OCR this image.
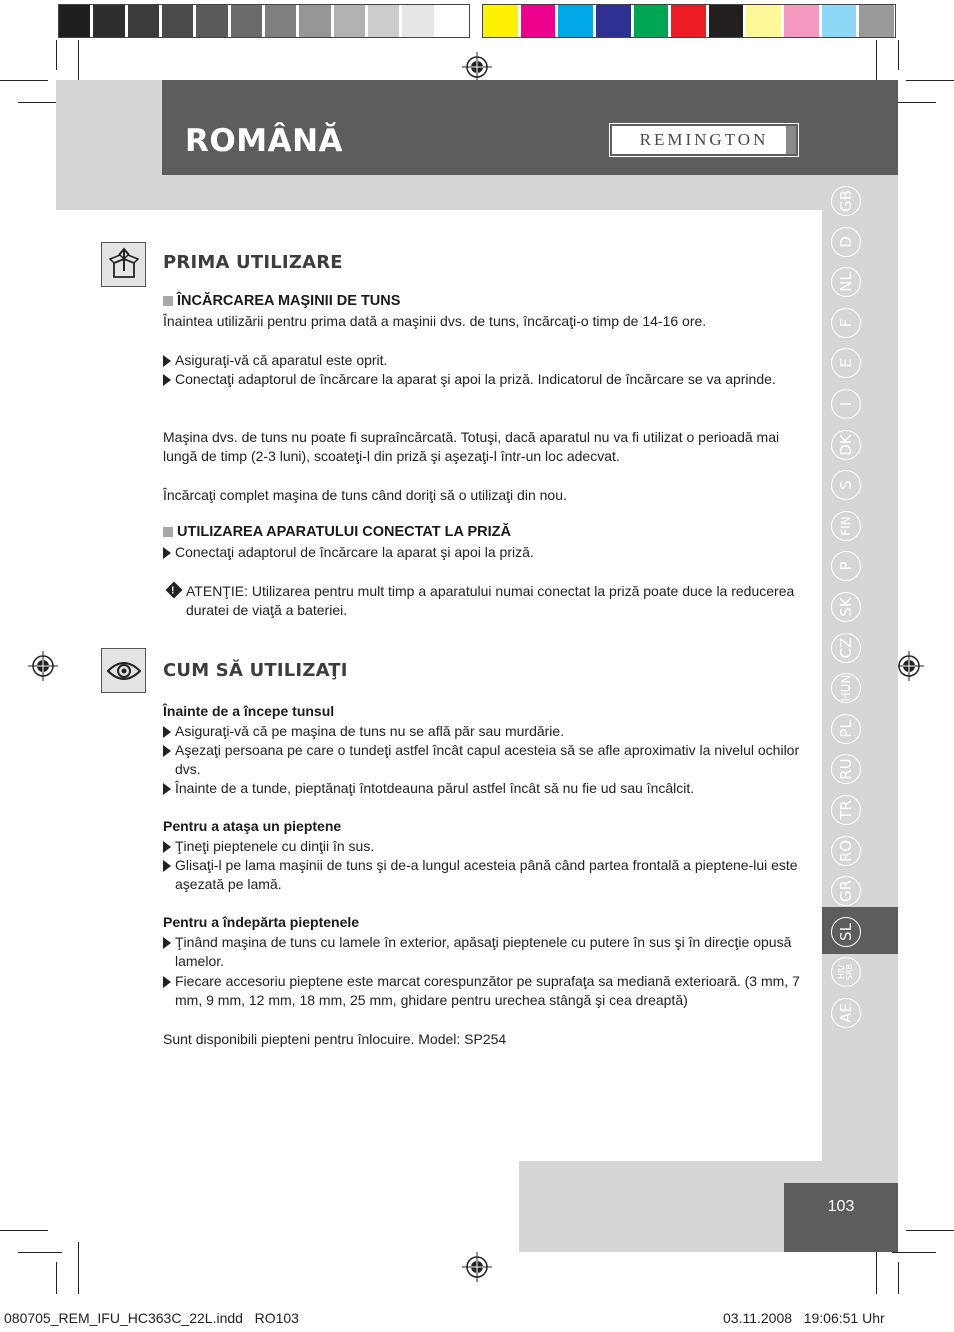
ROMÂNĂ	REMINGTON
GB
D
NL
F
E
I
DK
S
FIN
P
SK
CZ
HUN
PL
RU
TR
RO
GR
SL
HR/
SRB
AE
103
080705_REM_IFU_HC363C_22L.indd   RO103	03.11.2008   19:06:51 Uhr
PRIMA UTILIZARE
ÎNCĂRCAREA MAŞINII DE TUNS
Înaintea utilizării pentru prima dată a maşinii dvs. de tuns, încărcaţi-o timp de 14-16 ore.
Asiguraţi-vă că aparatul este oprit.
Conectaţi adaptorul de încărcare la aparat şi apoi la priză. Indicatorul de încărcare se va aprinde.
Maşina dvs. de tuns nu poate fi supraîncărcată. Totuşi, dacă aparatul nu va fi utilizat o perioadă mai lungă de timp (2-3 luni), scoateţi-l din priză şi aşezaţi-l într-un loc adecvat.
Încărcaţi complet maşina de tuns când doriţi să o utilizaţi din nou.
UTILIZAREA APARATULUI CONECTAT LA PRIZĂ
Conectaţi adaptorul de încărcare la aparat şi apoi la priză.
!
ATENŢIE: Utilizarea pentru mult timp a aparatului numai conectat la priză poate duce la reducerea duratei de viaţă a bateriei.
CUM SĂ UTILIZAŢI
Înainte de a începe tunsul
Asiguraţi-vă că pe maşina de tuns nu se află păr sau murdărie.
Aşezaţi persoana pe care o tundeţi astfel încât capul acesteia să se afle aproximativ la nivelul ochilor dvs.
Înainte de a tunde, pieptănaţi întotdeauna părul astfel încât să nu fie ud sau încâlcit.
Pentru a ataşa un pieptene
Ţineţi pieptenele cu dinţii în sus.
Glisaţi-l pe lama maşinii de tuns şi de-a lungul acesteia până când partea frontală a pieptene-lui este aşezată pe lamă.
Pentru a îndepărta pieptenele
Ţinând maşina de tuns cu lamele în exterior, apăsaţi pieptenele cu putere în sus şi în direcţie opusă lamelor.
Fiecare accesoriu pieptene este marcat corespunzător pe suprafaţa sa mediană exterioară. (3 mm, 7 mm, 9 mm, 12 mm, 18 mm, 25 mm, ghidare pentru urechea stângă şi cea dreaptă)
Sunt disponibili piepteni pentru înlocuire. Model: SP254
